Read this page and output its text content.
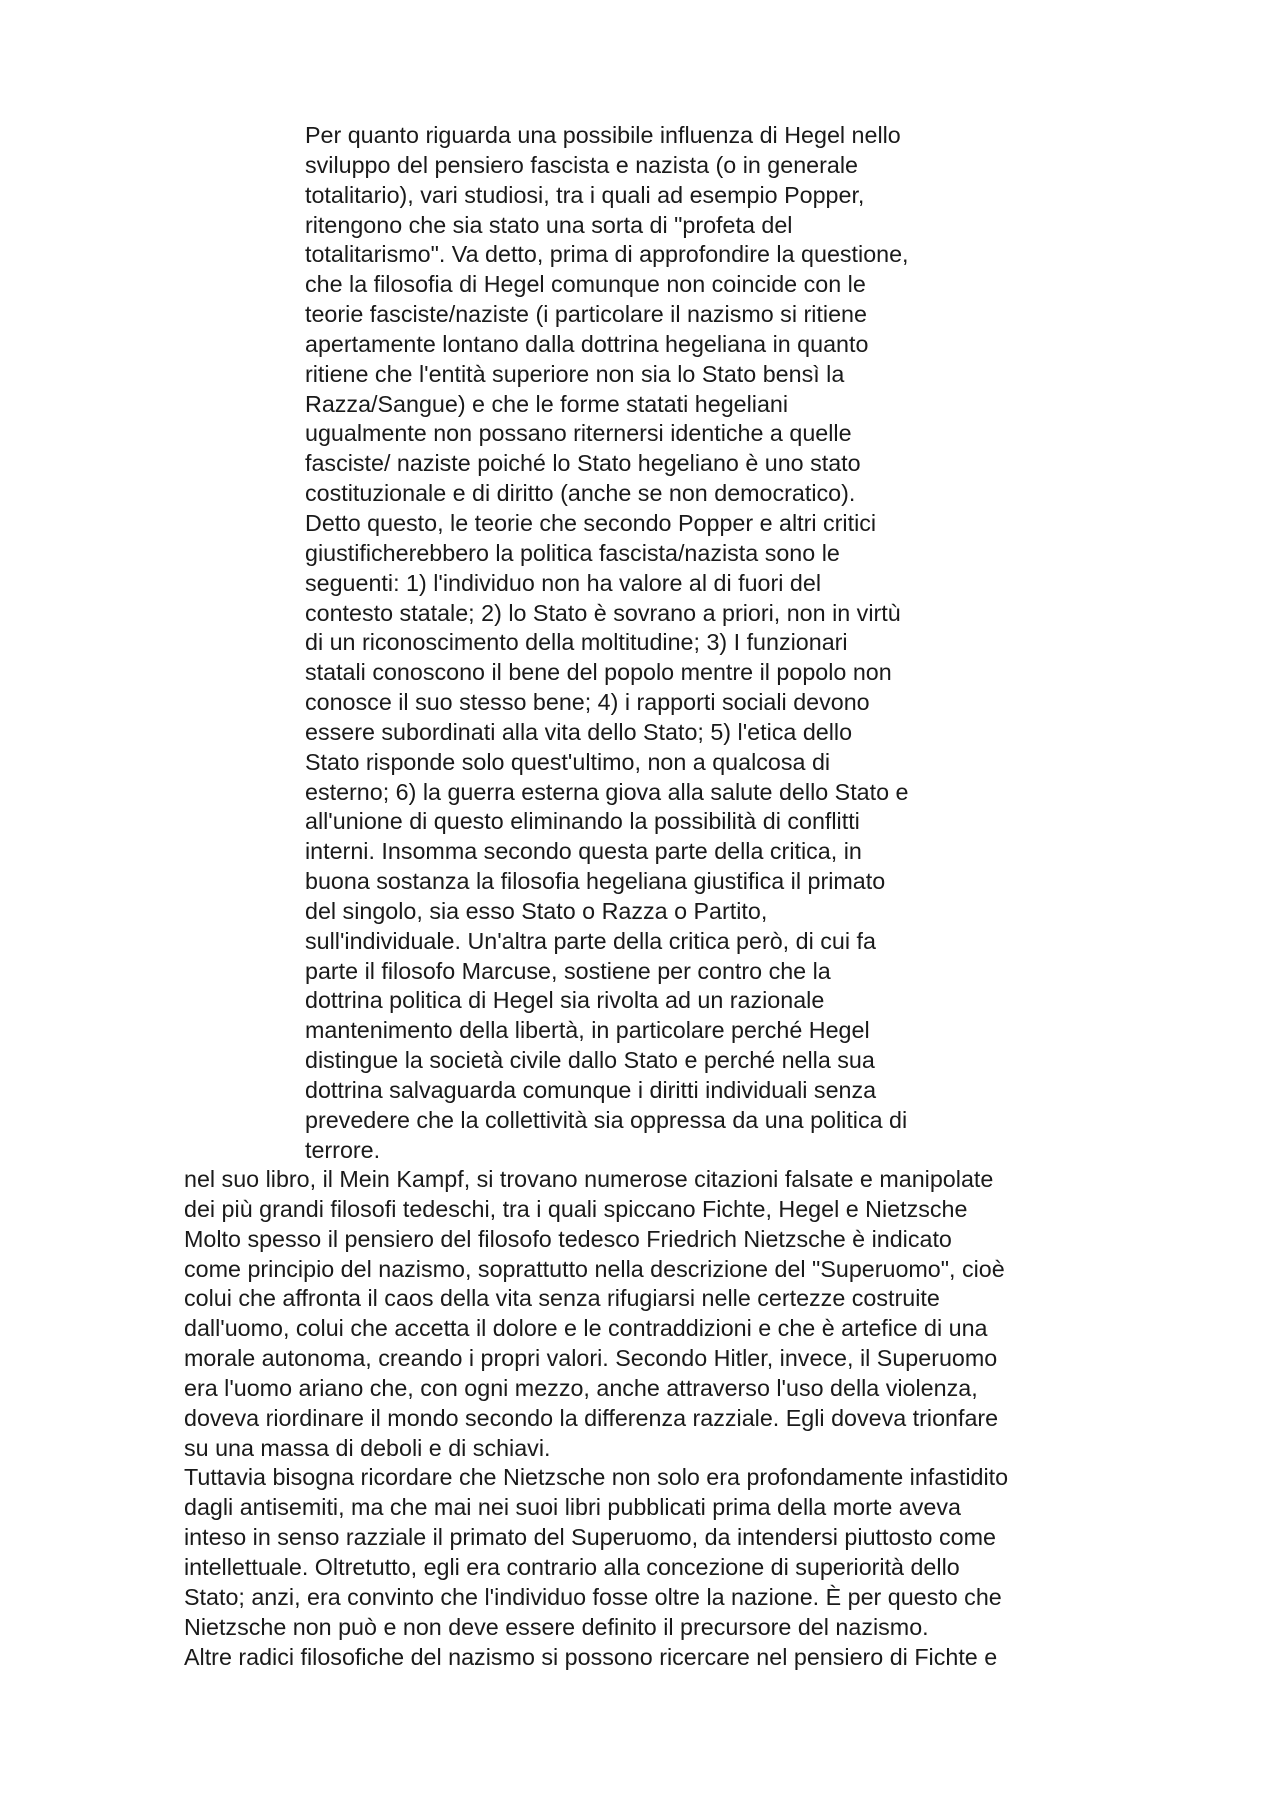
Per quanto riguarda una possibile influenza di Hegel nello
sviluppo del pensiero fascista e nazista (o in generale
totalitario), vari studiosi, tra i quali ad esempio Popper,
ritengono che sia stato una sorta di "profeta del
totalitarismo". Va detto, prima di approfondire la questione,
che la filosofia di Hegel comunque non coincide con le
teorie fasciste/naziste (i particolare il nazismo si ritiene
apertamente lontano dalla dottrina hegeliana in quanto
ritiene che l'entità superiore non sia lo Stato bensì la
Razza/Sangue) e che le forme statati hegeliani
ugualmente non possano riternersi identiche a quelle
fasciste/ naziste poiché lo Stato hegeliano è uno stato
costituzionale e di diritto (anche se non democratico).
Detto questo, le teorie che secondo Popper e altri critici
giustificherebbero la politica fascista/nazista sono le
seguenti: 1) l'individuo non ha valore al di fuori del
contesto statale; 2) lo Stato è sovrano a priori, non in virtù
di un riconoscimento della moltitudine; 3) I funzionari
statali conoscono il bene del popolo mentre il popolo non
conosce il suo stesso bene; 4) i rapporti sociali devono
essere subordinati alla vita dello Stato; 5) l'etica dello
Stato risponde solo quest'ultimo, non a qualcosa di
esterno; 6) la guerra esterna giova alla salute dello Stato e
all'unione di questo eliminando la possibilità di conflitti
interni. Insomma secondo questa parte della critica, in
buona sostanza la filosofia hegeliana giustifica il primato
del singolo, sia esso Stato o Razza o Partito,
sull'individuale. Un'altra parte della critica però, di cui fa
parte il filosofo Marcuse, sostiene per contro che la
dottrina politica di Hegel sia rivolta ad un razionale
mantenimento della libertà, in particolare perché Hegel
distingue la società civile dallo Stato e perché nella sua
dottrina salvaguarda comunque i diritti individuali senza
prevedere che la collettività sia oppressa da una politica di
terrore.
nel suo libro, il Mein Kampf, si trovano numerose citazioni falsate e manipolate
dei più grandi filosofi tedeschi, tra i quali spiccano Fichte, Hegel e Nietzsche
Molto spesso il pensiero del filosofo tedesco Friedrich Nietzsche è indicato
come principio del nazismo, soprattutto nella descrizione del "Superuomo", cioè
colui che affronta il caos della vita senza rifugiarsi nelle certezze costruite
dall'uomo, colui che accetta il dolore e le contraddizioni e che è artefice di una
morale autonoma, creando i propri valori. Secondo Hitler, invece, il Superuomo
era l'uomo ariano che, con ogni mezzo, anche attraverso l'uso della violenza,
doveva riordinare il mondo secondo la differenza razziale. Egli doveva trionfare
su una massa di deboli e di schiavi.
Tuttavia bisogna ricordare che Nietzsche non solo era profondamente infastidito
dagli antisemiti, ma che mai nei suoi libri pubblicati prima della morte aveva
inteso in senso razziale il primato del Superuomo, da intendersi piuttosto come
intellettuale. Oltretutto, egli era contrario alla concezione di superiorità dello
Stato; anzi, era convinto che l'individuo fosse oltre la nazione. È per questo che
Nietzsche non può e non deve essere definito il precursore del nazismo.
Altre radici filosofiche del nazismo si possono ricercare nel pensiero di Fichte e
